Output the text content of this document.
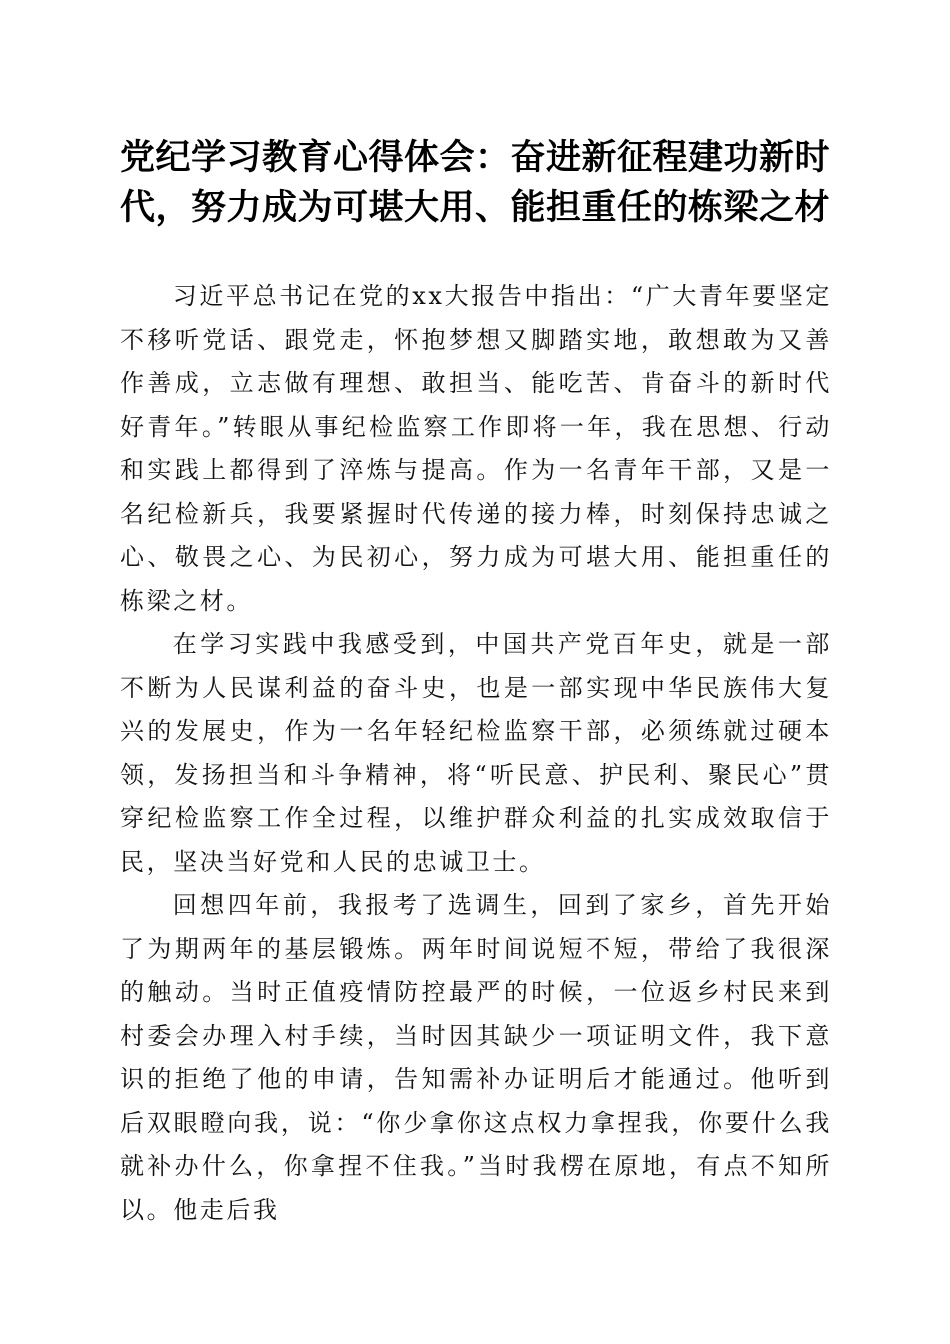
党纪学习教育心得体会：奋进新征程建功新时代，努力成为可堪大用、能担重任的栋梁之材

习近平总书记在党的xx大报告中指出：“广大青年要坚定不移听党话、跟党走，怀抱梦想又脚踏实地，敢想敢为又善作善成，立志做有理想、敢担当、能吃苦、肯奋斗的新时代好青年。”转眼从事纪检监察工作即将一年，我在思想、行动和实践上都得到了淬炼与提高。作为一名青年干部，又是一名纪检新兵，我要紧握时代传递的接力棒，时刻保持忠诚之心、敬畏之心、为民初心，努力成为可堪大用、能担重任的栋梁之材。

在学习实践中我感受到，中国共产党百年史，就是一部不断为人民谋利益的奋斗史，也是一部实现中华民族伟大复兴的发展史，作为一名年轻纪检监察干部，必须练就过硬本领，发扬担当和斗争精神，将“听民意、护民利、聚民心”贯穿纪检监察工作全过程，以维护群众利益的扎实成效取信于民，坚决当好党和人民的忠诚卫士。

回想四年前，我报考了选调生，回到了家乡，首先开始了为期两年的基层锻炼。两年时间说短不短，带给了我很深的触动。当时正值疫情防控最严的时候，一位返乡村民来到村委会办理入村手续，当时因其缺少一项证明文件，我下意识的拒绝了他的申请，告知需补办证明后才能通过。他听到后双眼瞪向我，说：“你少拿你这点权力拿捏我，你要什么我就补办什么，你拿捏不住我。”当时我楞在原地，有点不知所以。他走后我
